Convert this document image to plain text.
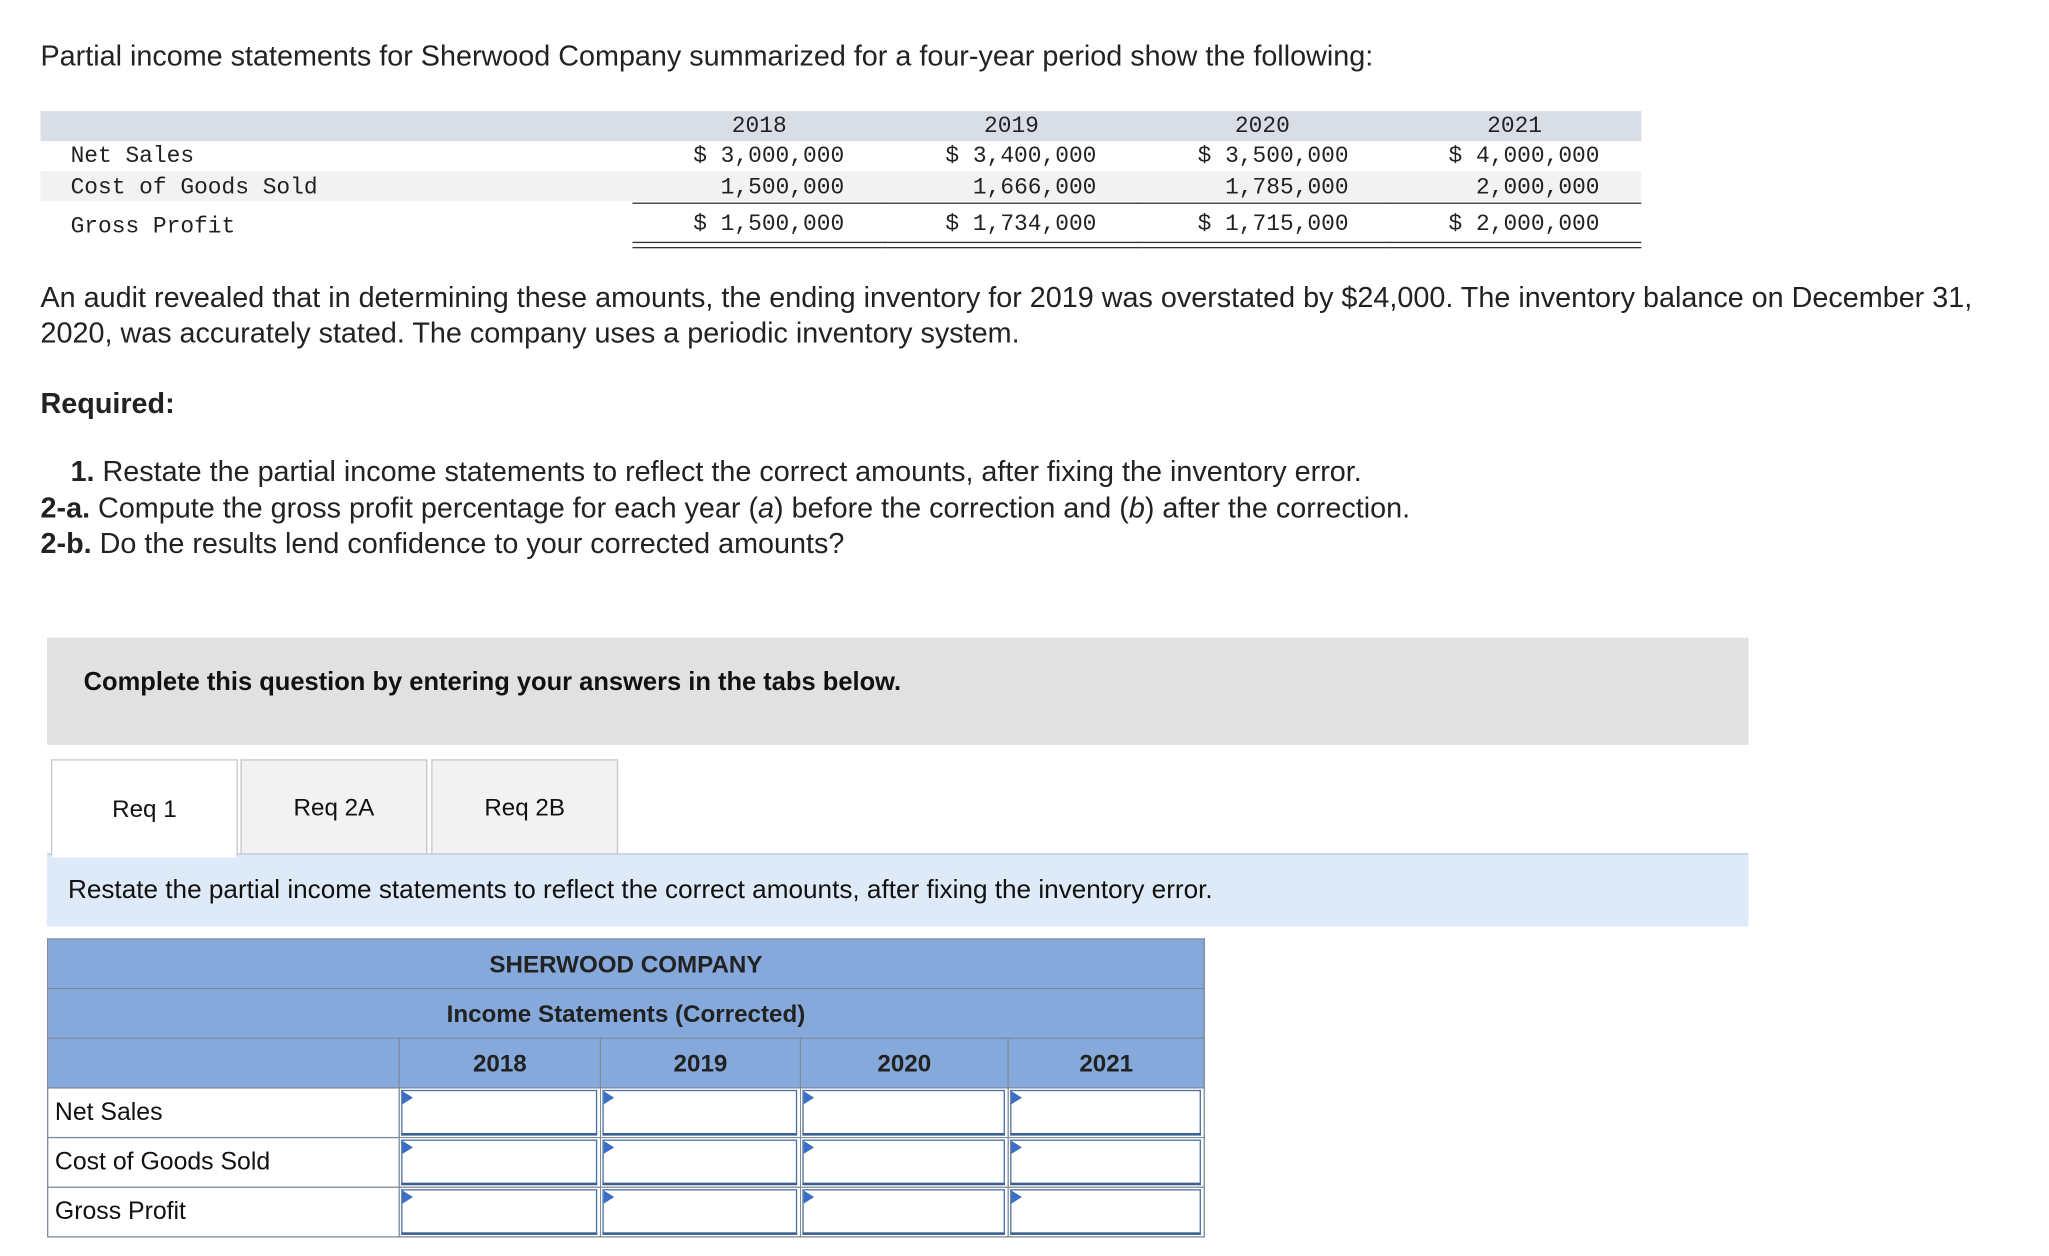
Partial income statements for Sherwood Company summarized for a four-year period show the following:
2018	2019	2020	2021
Net Sales	$ 3,000,000	$ 3,400,000	$ 3,500,000	$ 4,000,000
Cost of Goods Sold	1,500,000	1,666,000	1,785,000	2,000,000
Gross Profit	$ 1,500,000	$ 1,734,000	$ 1,715,000	$ 2,000,000
An audit revealed that in determining these amounts, the ending inventory for 2019 was overstated by $24,000. The inventory balance on December 31, 2020, was accurately stated. The company uses a periodic inventory system.
Required:
1. Restate the partial income statements to reflect the correct amounts, after fixing the inventory error.
2-a. Compute the gross profit percentage for each year (a) before the correction and (b) after the correction.
2-b. Do the results lend confidence to your corrected amounts?
Complete this question by entering your answers in the tabs below.
Req 1	Req 2A	Req 2B
Restate the partial income statements to reflect the correct amounts, after fixing the inventory error.
SHERWOOD COMPANY				
Income Statements (Corrected)				
	2018	2019	2020	2021
Net Sales	

Cost of Goods Sold	

Gross Profit	
